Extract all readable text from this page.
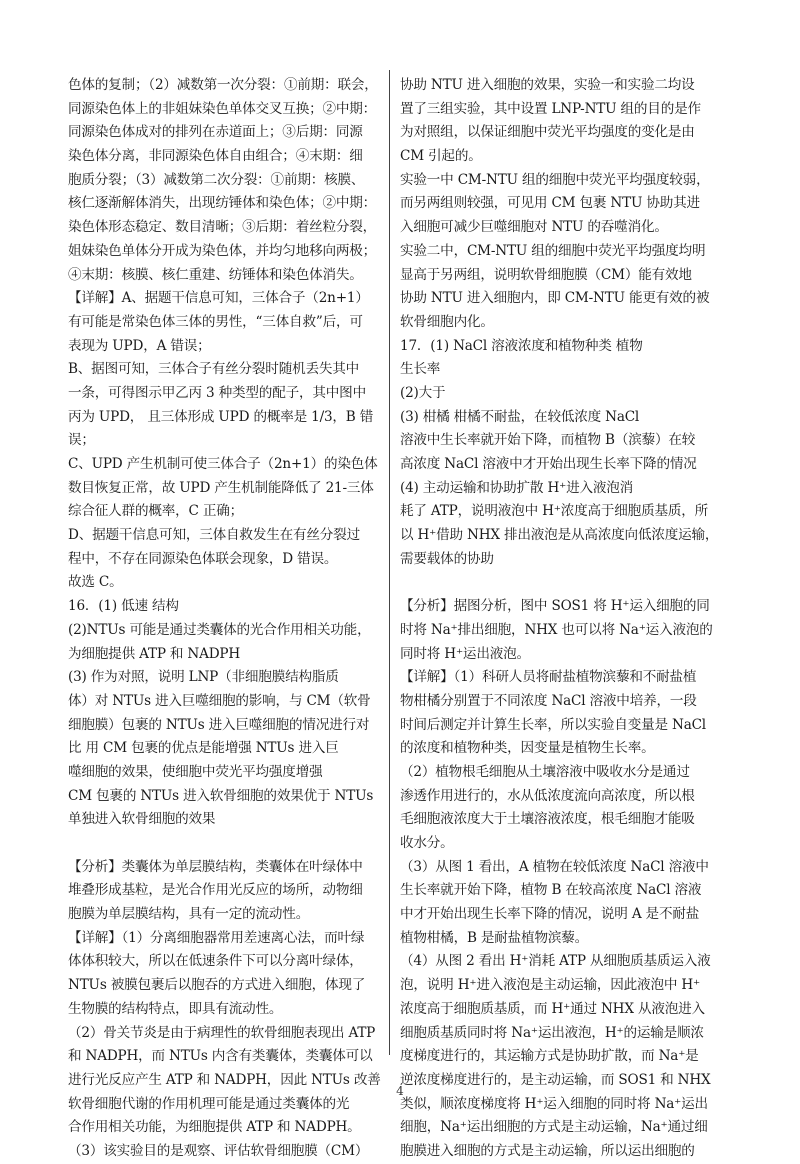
色体的复制；（2）减数第一次分裂：①前期：联会，
同源染色体上的非姐妹染色单体交叉互换；②中期：
同源染色体成对的排列在赤道面上；③后期：同源
染色体分离，非同源染色体自由组合；④末期：细
胞质分裂；（3）减数第二次分裂：①前期：核膜、
核仁逐渐解体消失，出现纺锤体和染色体；②中期：
染色体形态稳定、数目清晰；③后期：着丝粒分裂，
姐妹染色单体分开成为染色体，并均匀地移向两极；
④末期：核膜、核仁重建、纺锤体和染色体消失。
【详解】A、据题干信息可知，三体合子（2n+1）
有可能是常染色体三体的男性，“三体自救”后，可
表现为 UPD，A 错误；
B、据图可知，三体合子有丝分裂时随机丢失其中
一条，可得图示甲乙丙 3 种类型的配子，其中图中
丙为 UPD， 且三体形成 UPD 的概率是 1/3，B 错
误；
C、UPD 产生机制可使三体合子（2n+1）的染色体
数目恢复正常，故 UPD 产生机制能降低了 21-三体
综合征人群的概率，C 正确；
D、据题干信息可知，三体自救发生在有丝分裂过
程中，不存在同源染色体联会现象，D 错误。
故选 C。
16．(1) 低速 结构
(2)NTUs 可能是通过类囊体的光合作用相关功能，
为细胞提供 ATP 和 NADPH
(3) 作为对照，说明 LNP（非细胞膜结构脂质
体）对 NTUs 进入巨噬细胞的影响，与 CM（软骨
细胞膜）包裹的 NTUs 进入巨噬细胞的情况进行对
比 用 CM 包裹的优点是能增强 NTUs 进入巨
噬细胞的效果，使细胞中荧光平均强度增强
CM 包裹的 NTUs 进入软骨细胞的效果优于 NTUs
单独进入软骨细胞的效果
【分析】类囊体为单层膜结构，类囊体在叶绿体中
堆叠形成基粒，是光合作用光反应的场所，动物细
胞膜为单层膜结构，具有一定的流动性。
【详解】（1）分离细胞器常用差速离心法，而叶绿
体体积较大，所以在低速条件下可以分离叶绿体，
NTUs 被膜包裹后以胞吞的方式进入细胞，体现了
生物膜的结构特点，即具有流动性。
（2）骨关节炎是由于病理性的软骨细胞表现出 ATP
和 NADPH，而 NTUs 内含有类囊体，类囊体可以
进行光反应产生 ATP 和 NADPH，因此 NTUs 改善
软骨细胞代谢的作用机理可能是通过类囊体的光
合作用相关功能，为细胞提供 ATP 和 NADPH。
（3）该实验目的是观察、评估软骨细胞膜（CM）
协助 NTU 进入细胞的效果，实验一和实验二均设
置了三组实验，其中设置 LNP-NTU 组的目的是作
为对照组，以保证细胞中荧光平均强度的变化是由
CM 引起的。
实验一中 CM-NTU 组的细胞中荧光平均强度较弱，
而另两组则较强，可见用 CM 包裹 NTU 协助其进
入细胞可减少巨噬细胞对 NTU 的吞噬消化。
实验二中，CM-NTU 组的细胞中荧光平均强度均明
显高于另两组，说明软骨细胞膜（CM）能有效地
协助 NTU 进入细胞内，即 CM-NTU 能更有效的被
软骨细胞内化。
17．(1) NaCl 溶液浓度和植物种类 植物
生长率
(2)大于
(3) 柑橘 柑橘不耐盐，在较低浓度 NaCl
溶液中生长率就开始下降，而植物 B（滨藜）在较
高浓度 NaCl 溶液中才开始出现生长率下降的情况
(4) 主动运输和协助扩散 H⁺进入液泡消
耗了 ATP，说明液泡中 H⁺浓度高于细胞质基质，所
以 H⁺借助 NHX 排出液泡是从高浓度向低浓度运输，
需要载体的协助
【分析】据图分析，图中 SOS1 将 H⁺运入细胞的同
时将 Na⁺排出细胞，NHX 也可以将 Na⁺运入液泡的
同时将 H⁺运出液泡。
【详解】（1）科研人员将耐盐植物滨藜和不耐盐植
物柑橘分别置于不同浓度 NaCl 溶液中培养，一段
时间后测定并计算生长率，所以实验自变量是 NaCl
的浓度和植物种类，因变量是植物生长率。
（2）植物根毛细胞从土壤溶液中吸收水分是通过
渗透作用进行的，水从低浓度流向高浓度，所以根
毛细胞液浓度大于土壤溶液浓度，根毛细胞才能吸
收水分。
（3）从图 1 看出，A 植物在较低浓度 NaCl 溶液中
生长率就开始下降，植物 B 在较高浓度 NaCl 溶液
中才开始出现生长率下降的情况，说明 A 是不耐盐
植物柑橘，B 是耐盐植物滨藜。
（4）从图 2 看出 H⁺消耗 ATP 从细胞质基质运入液
泡，说明 H⁺进入液泡是主动运输，因此液泡中 H⁺
浓度高于细胞质基质，而 H⁺通过 NHX 从液泡进入
细胞质基质同时将 Na⁺运出液泡，H⁺的运输是顺浓
度梯度进行的，其运输方式是协助扩散，而 Na⁺是
逆浓度梯度进行的，是主动运输，而 SOS1 和 NHX
类似，顺浓度梯度将 H⁺运入细胞的同时将 Na⁺运出
细胞，Na⁺运出细胞的方式是主动运输，Na⁺通过细
胞膜进入细胞的方式是主动运输，所以运出细胞的
4
